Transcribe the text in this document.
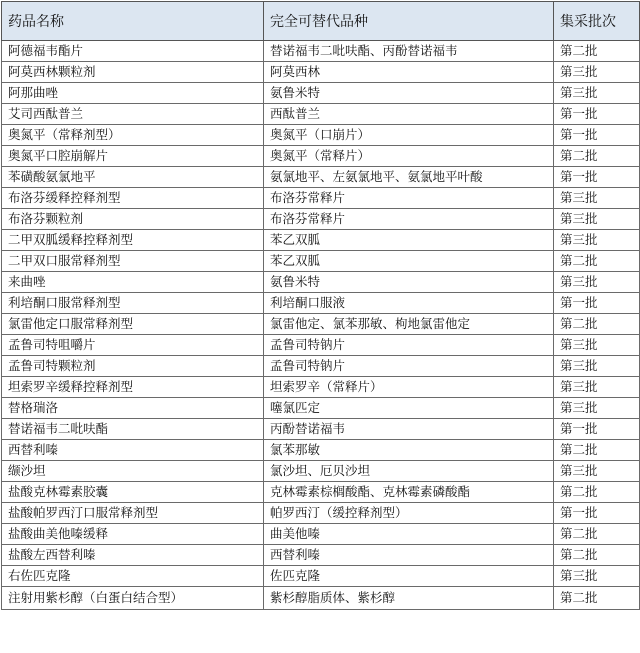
药品名称	完全可替代品种	集采批次
阿德福韦酯片	替诺福韦二吡呋酯、丙酚替诺福韦	第二批
阿莫西林颗粒剂	阿莫西林	第三批
阿那曲唑	氨鲁米特	第三批
艾司西酞普兰	西酞普兰	第一批
奥氮平（常释剂型）	奥氮平（口崩片）	第一批
奥氮平口腔崩解片	奥氮平（常释片）	第二批
苯磺酸氨氯地平	氨氯地平、左氨氯地平、氨氯地平叶酸	第一批
布洛芬缓释控释剂型	布洛芬常释片	第三批
布洛芬颗粒剂	布洛芬常释片	第三批
二甲双胍缓释控释剂型	苯乙双胍	第三批
二甲双口服常释剂型	苯乙双胍	第二批
来曲唑	氨鲁米特	第三批
利培酮口服常释剂型	利培酮口服液	第一批
氯雷他定口服常释剂型	氯雷他定、氯苯那敏、枸地氯雷他定	第二批
孟鲁司特咀嚼片	孟鲁司特钠片	第三批
孟鲁司特颗粒剂	孟鲁司特钠片	第三批
坦索罗辛缓释控释剂型	坦索罗辛（常释片）	第三批
替格瑞洛	噻氯匹定	第三批
替诺福韦二吡呋酯	丙酚替诺福韦	第一批
西替利嗪	氯苯那敏	第二批
缬沙坦	氯沙坦、厄贝沙坦	第三批
盐酸克林霉素胶囊	克林霉素棕榈酸酯、克林霉素磷酸酯	第二批
盐酸帕罗西汀口服常释剂型	帕罗西汀（缓控释剂型）	第一批
盐酸曲美他嗪缓释	曲美他嗪	第二批
盐酸左西替利嗪	西替利嗪	第二批
右佐匹克隆	佐匹克隆	第三批
注射用紫杉醇（白蛋白结合型）	紫杉醇脂质体、紫杉醇	第二批
